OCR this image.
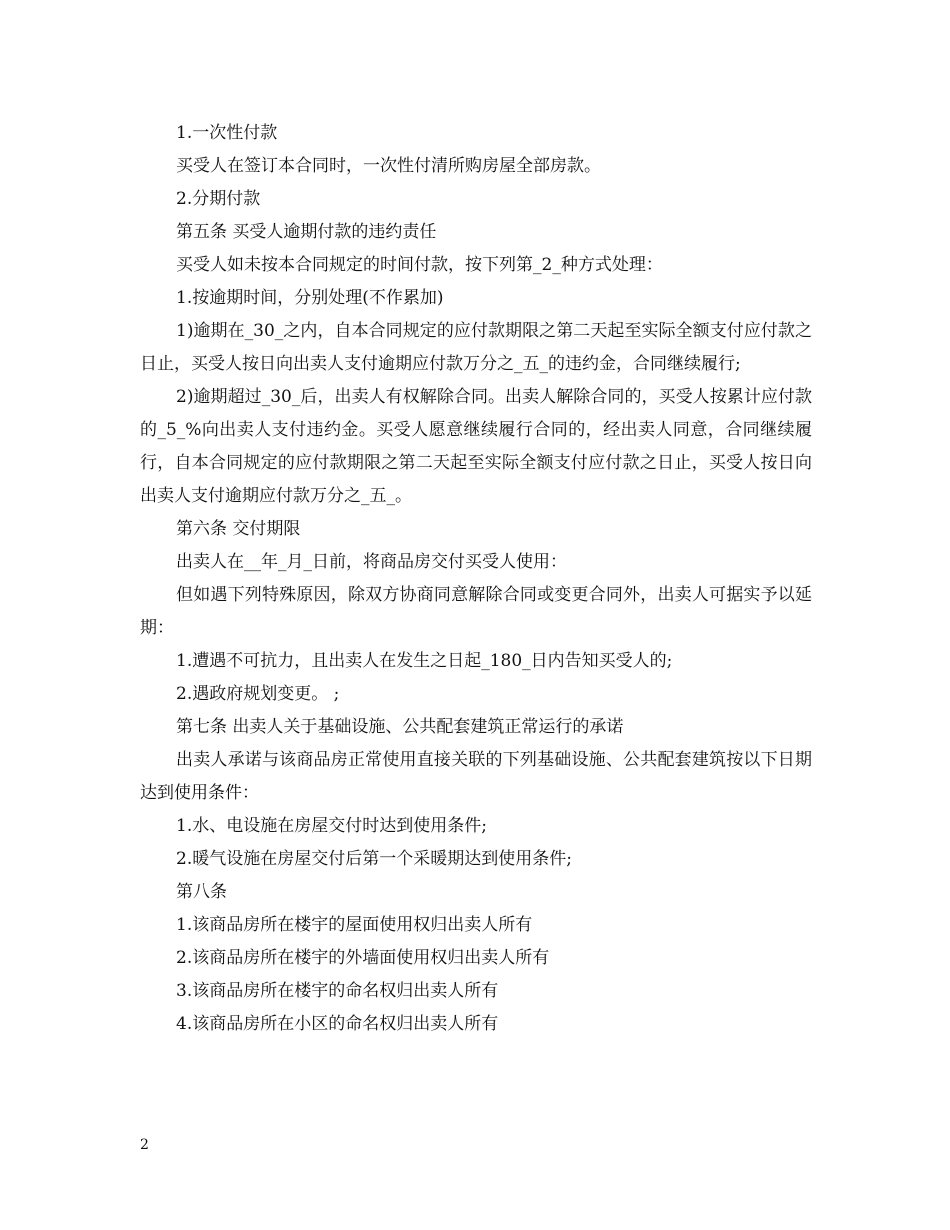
1.一次性付款

买受人在签订本合同时，一次性付清所购房屋全部房款。

2.分期付款

第五条 买受人逾期付款的违约责任

买受人如未按本合同规定的时间付款，按下列第_2_种方式处理：

1.按逾期时间，分别处理(不作累加)

1)逾期在_30_之内，自本合同规定的应付款期限之第二天起至实际全额支付应付款之日止，买受人按日向出卖人支付逾期应付款万分之_五_的违约金，合同继续履行;

2)逾期超过_30_后，出卖人有权解除合同。出卖人解除合同的，买受人按累计应付款的_5_%向出卖人支付违约金。买受人愿意继续履行合同的，经出卖人同意，合同继续履行，自本合同规定的应付款期限之第二天起至实际全额支付应付款之日止，买受人按日向出卖人支付逾期应付款万分之_五_。

第六条 交付期限

出卖人在__年_月_日前，将商品房交付买受人使用：

但如遇下列特殊原因，除双方协商同意解除合同或变更合同外，出卖人可据实予以延期：

1.遭遇不可抗力，且出卖人在发生之日起_180_日内告知买受人的;

2.遇政府规划变更。 ;

第七条 出卖人关于基础设施、公共配套建筑正常运行的承诺

出卖人承诺与该商品房正常使用直接关联的下列基础设施、公共配套建筑按以下日期达到使用条件：

1.水、电设施在房屋交付时达到使用条件;

2.暖气设施在房屋交付后第一个采暖期达到使用条件;

第八条

1.该商品房所在楼宇的屋面使用权归出卖人所有

2.该商品房所在楼宇的外墙面使用权归出卖人所有

3.该商品房所在楼宇的命名权归出卖人所有

4.该商品房所在小区的命名权归出卖人所有

2
